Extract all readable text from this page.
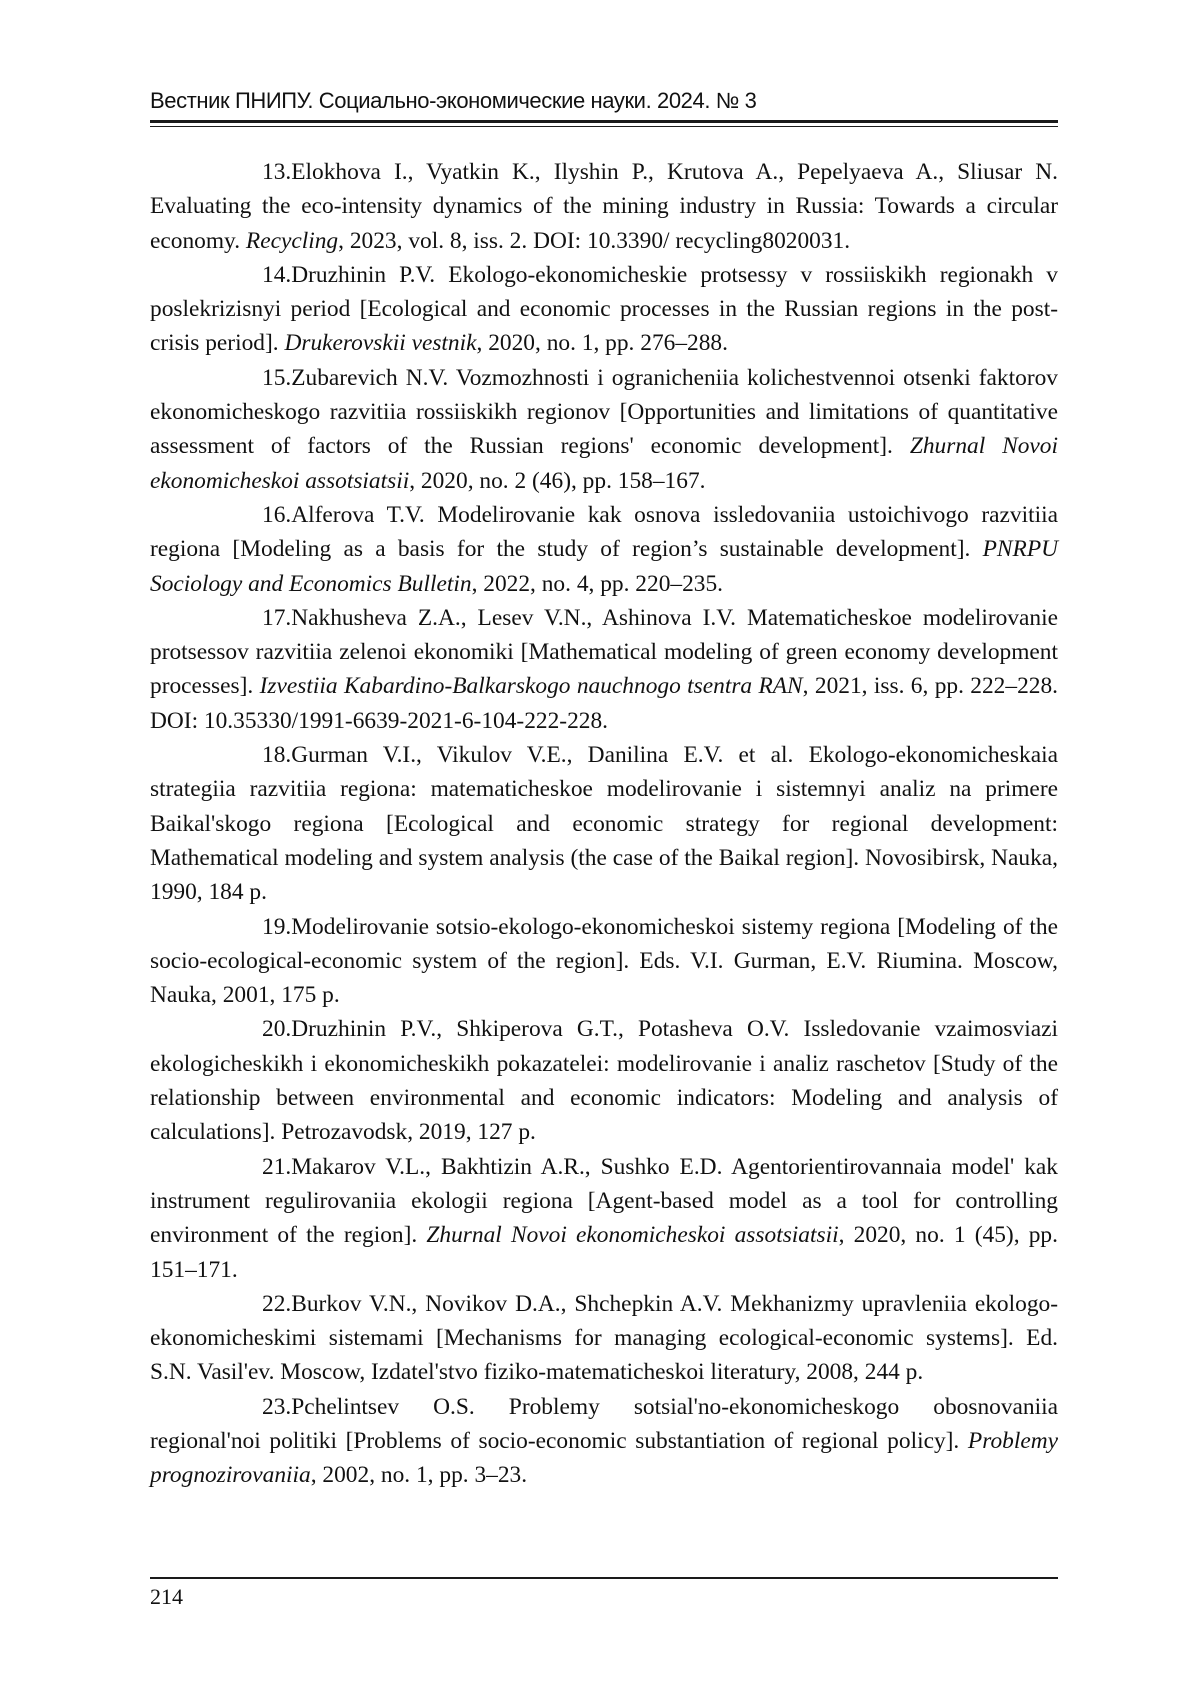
Вестник ПНИПУ. Социально-экономические науки. 2024. № 3

13.Elokhova I., Vyatkin K., Ilyshin P., Krutova A., Pepelyaeva A., Sliusar N. Evaluating the eco-intensity dynamics of the mining industry in Russia: Towards a circular economy. Recycling, 2023, vol. 8, iss. 2. DOI: 10.3390/ recycling8020031.

14.Druzhinin P.V. Ekologo-ekonomicheskie protsessy v rossiiskikh regionakh v poslekrizisnyi period [Ecological and economic processes in the Russian regions in the post-crisis period]. Drukerovskii vestnik, 2020, no. 1, pp. 276–288.

15.Zubarevich N.V. Vozmozhnosti i ogranicheniia kolichestvennoi otsenki faktorov ekonomicheskogo razvitiia rossiiskikh regionov [Opportunities and limitations of quantitative assessment of factors of the Russian regions' economic development]. Zhurnal Novoi ekonomicheskoi assotsiatsii, 2020, no. 2 (46), pp. 158–167.

16.Alferova T.V. Modelirovanie kak osnova issledovaniia ustoichivogo razvitiia regiona [Modeling as a basis for the study of region’s sustainable development]. PNRPU Sociology and Economics Bulletin, 2022, no. 4, pp. 220–235.

17.Nakhusheva Z.A., Lesev V.N., Ashinova I.V. Matematicheskoe modelirovanie protsessov razvitiia zelenoi ekonomiki [Mathematical modeling of green economy development processes]. Izvestiia Kabardino-Balkarskogo nauchnogo tsentra RAN, 2021, iss. 6, pp. 222–228. DOI: 10.35330/1991-6639-2021-6-104-222-228.

18.Gurman V.I., Vikulov V.E., Danilina E.V. et al. Ekologo-ekonomicheskaia strategiia razvitiia regiona: matematicheskoe modelirovanie i sistemnyi analiz na primere Baikal'skogo regiona [Ecological and economic strategy for regional development: Mathematical modeling and system analysis (the case of the Baikal region]. Novosibirsk, Nauka, 1990, 184 p.

19.Modelirovanie sotsio-ekologo-ekonomicheskoi sistemy regiona [Modeling of the socio-ecological-economic system of the region]. Eds. V.I. Gurman, E.V. Riumina. Moscow, Nauka, 2001, 175 p.

20.Druzhinin P.V., Shkiperova G.T., Potasheva O.V. Issledovanie vzaimosviazi ekologicheskikh i ekonomicheskikh pokazatelei: modelirovanie i analiz raschetov [Study of the relationship between environmental and economic indicators: Modeling and analysis of calculations]. Petrozavodsk, 2019, 127 p.

21.Makarov V.L., Bakhtizin A.R., Sushko E.D. Agentorientirovannaia model' kak instrument regulirovaniia ekologii regiona [Agent-based model as a tool for controlling environment of the region]. Zhurnal Novoi ekonomicheskoi assotsiatsii, 2020, no. 1 (45), pp. 151–171.

22.Burkov V.N., Novikov D.A., Shchepkin A.V. Mekhanizmy upravleniia ekologo-ekonomicheskimi sistemami [Mechanisms for managing ecological-economic systems]. Ed. S.N. Vasil'ev. Moscow, Izdatel'stvo fiziko-matematicheskoi literatury, 2008, 244 p.

23.Pchelintsev O.S. Problemy sotsial'no-ekonomicheskogo obosnovaniia regional'noi politiki [Problems of socio-economic substantiation of regional policy]. Problemy prognozirovaniia, 2002, no. 1, pp. 3–23.

214
